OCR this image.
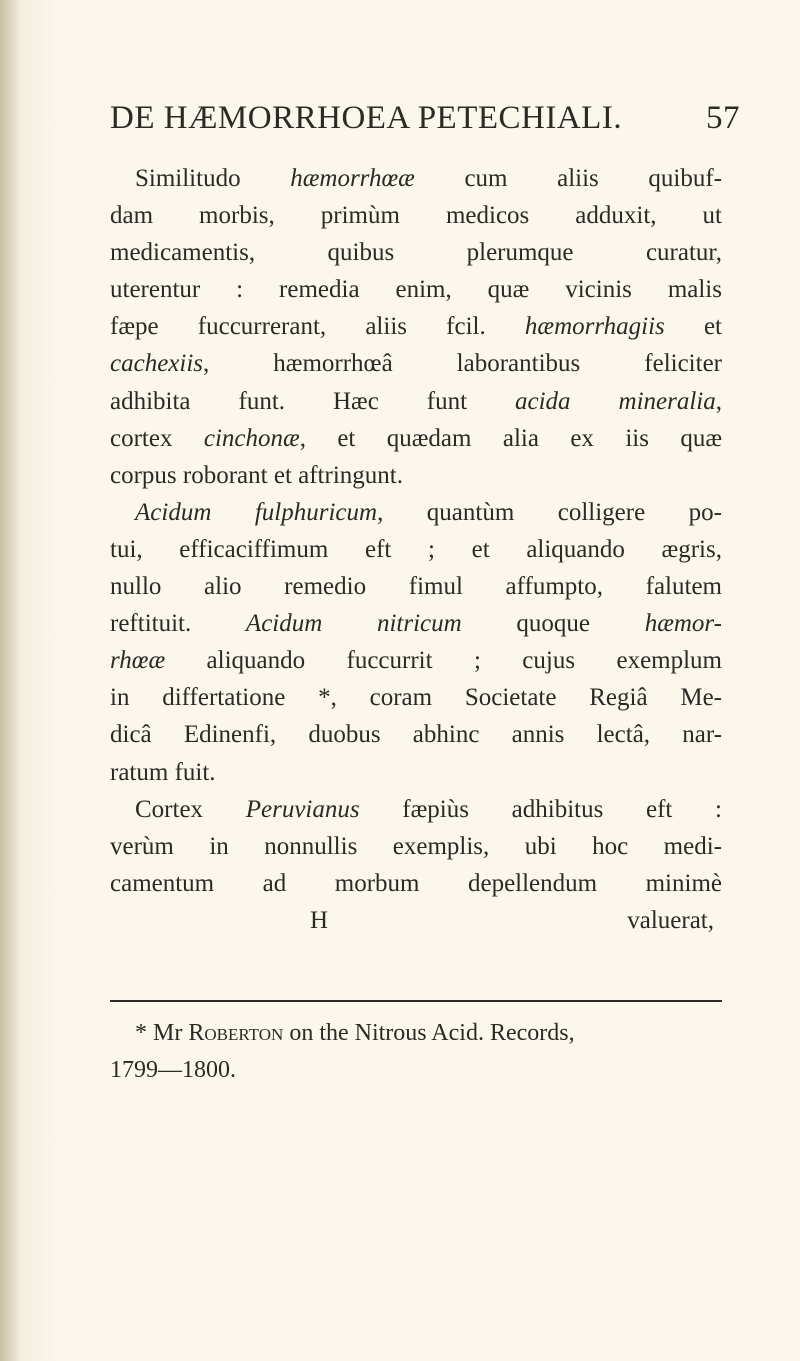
DE HÆMORRHOEA PETECHIALI.	57
Similitudo hæmorrhœæ cum aliis quibuf-
dam morbis, primùm medicos adduxit, ut
medicamentis, quibus plerumque curatur,
uterentur : remedia enim, quæ vicinis malis
fæpe fuccurrerant, aliis fcil. hæmorrhagiis et
cachexiis, hæmorrhœâ laborantibus feliciter
adhibita funt. Hæc funt acida mineralia,
cortex cinchonæ, et quædam alia ex iis quæ
corpus roborant et aftringunt.
Acidum fulphuricum, quantùm colligere po-
tui, efficaciffimum eft ; et aliquando ægris,
nullo alio remedio fimul affumpto, falutem
reftituit. Acidum nitricum quoque hæmor-
rhœæ aliquando fuccurrit ; cujus exemplum
in differtatione *, coram Societate Regiâ Me-
dicâ Edinenfi, duobus abhinc annis lectâ, nar-
ratum fuit.
Cortex Peruvianus fæpiùs adhibitus eft :
verùm in nonnullis exemplis, ubi hoc medi-
camentum ad morbum depellendum minimè
H	valuerat,
* Mr Roberton on the Nitrous Acid. Records,
1799—1800.
